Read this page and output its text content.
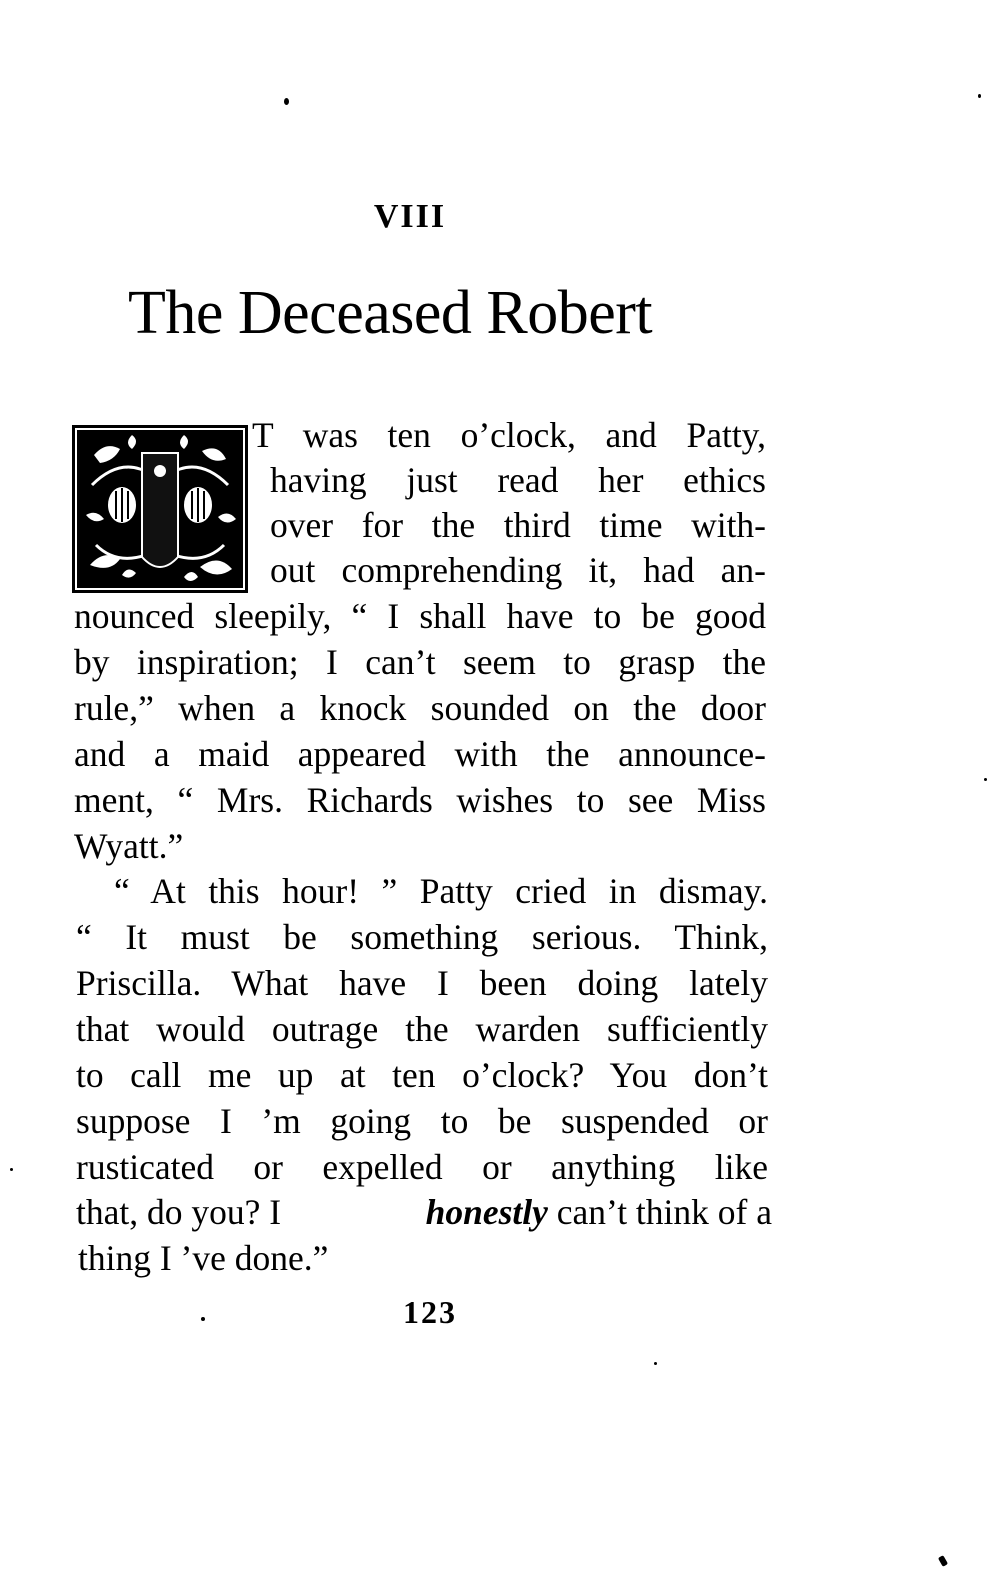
VIII
The Deceased Robert
T was ten o’clock, and Patty,
having just read her ethics
over for the third time with-
out comprehending it, had an-
nounced sleepily, “ I shall have to be good
by inspiration; I can’t seem to grasp the
rule,” when a knock sounded on the door
and a maid appeared with the announce-
ment, “ Mrs. Richards wishes to see Miss
Wyatt.”
“ At this hour! ” Patty cried in dismay.
“ It must be something serious. Think,
Priscilla. What have I been doing lately
that would outrage the warden sufficiently
to call me up at ten o’clock? You don’t
suppose I ’m going to be suspended or
rusticated or expelled or anything like
that, do you? I	honestly can’t think of a
thing I ’ve done.”
123
